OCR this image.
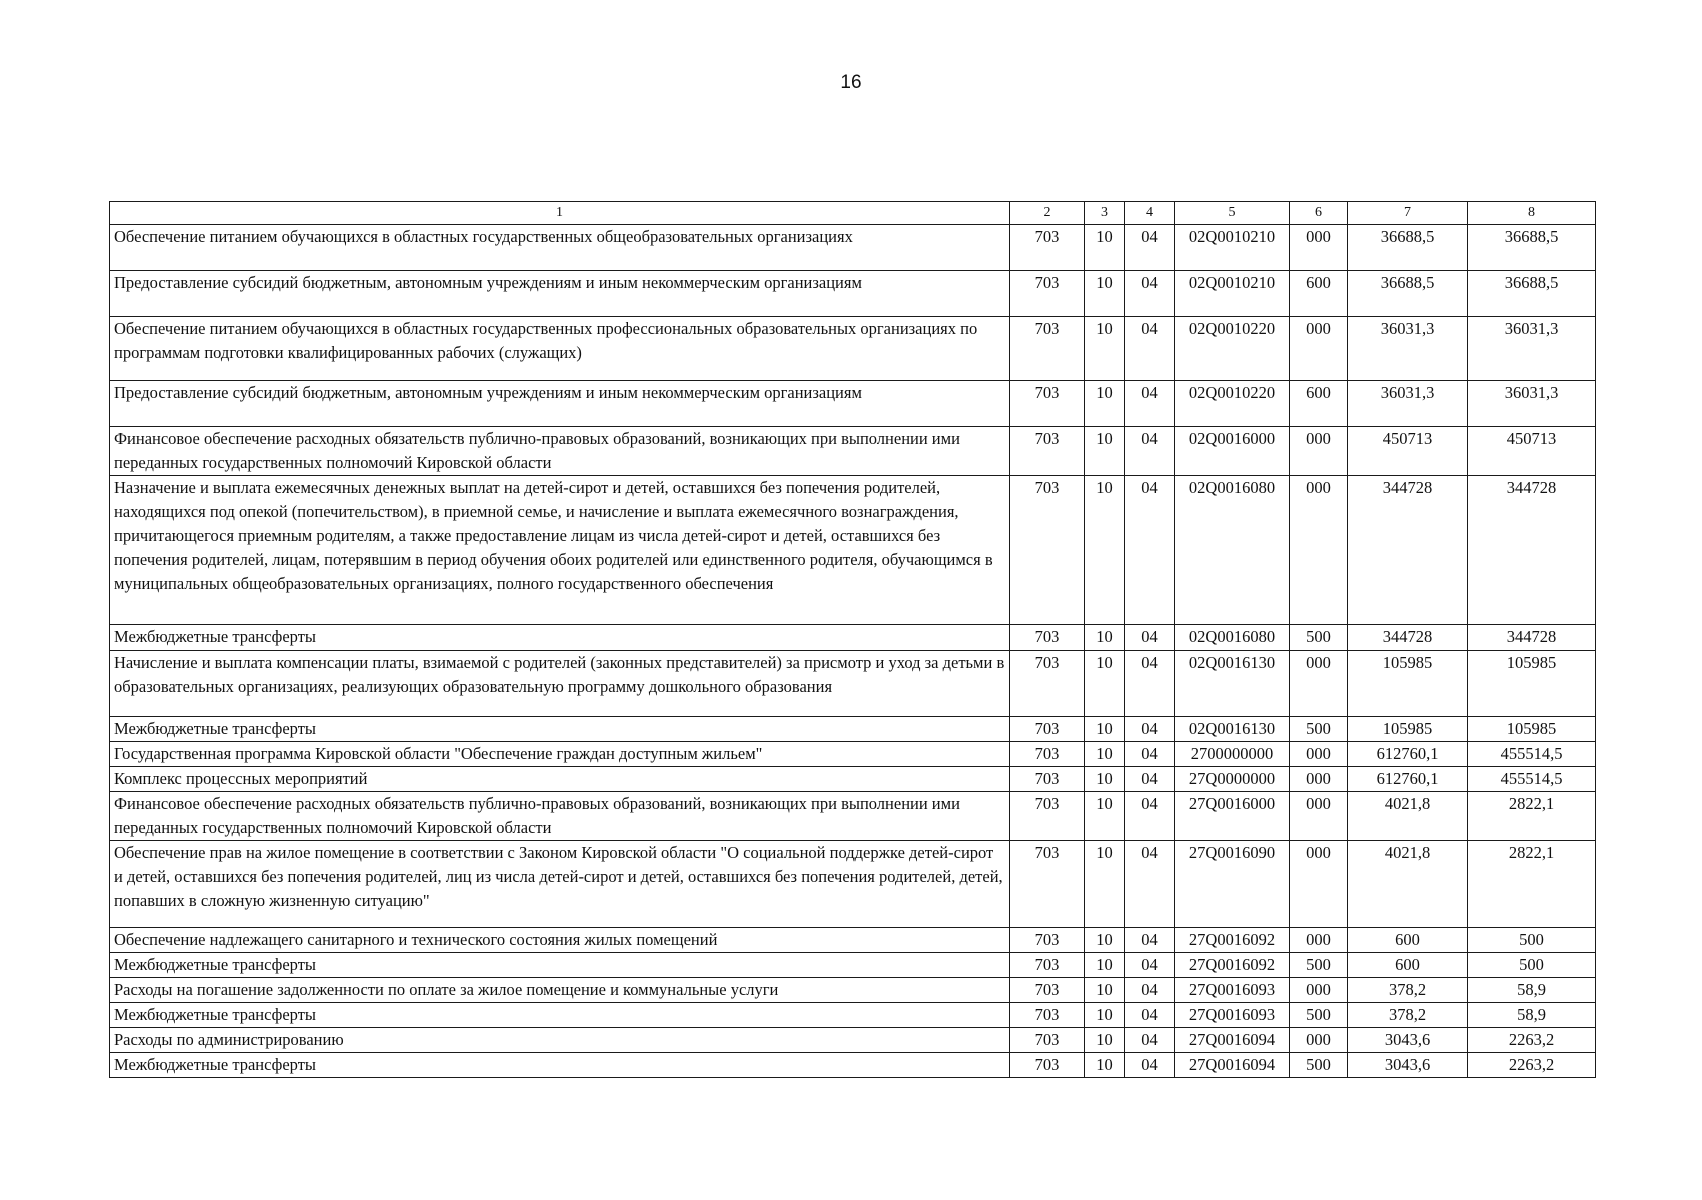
16
1	2	3	4	5	6	7	8
Обеспечение питанием обучающихся в областных государственных общеобразовательных организациях	703	10	04	02Q0010210	000	36688,5	36688,5
Предоставление субсидий бюджетным, автономным учреждениям и иным некоммерческим организациям	703	10	04	02Q0010210	600	36688,5	36688,5
Обеспечение питанием обучающихся в областных государственных профессиональных образовательных организациях по программам подготовки квалифицированных рабочих (служащих)	703	10	04	02Q0010220	000	36031,3	36031,3
Предоставление субсидий бюджетным, автономным учреждениям и иным некоммерческим организациям	703	10	04	02Q0010220	600	36031,3	36031,3
Финансовое обеспечение расходных обязательств публично-правовых образований, возникающих при выполнении ими переданных государственных полномочий Кировской области	703	10	04	02Q0016000	000	450713	450713
Назначение и выплата ежемесячных денежных выплат на детей-сирот и детей, оставшихся без попечения родителей, находящихся под опекой (попечительством), в приемной семье, и начисление и выплата ежемесячного вознаграждения, причитающегося приемным родителям, а также предоставление лицам из числа детей-сирот и детей, оставшихся без попечения родителей, лицам, потерявшим в период обучения обоих родителей или единственного родителя, обучающимся в муниципальных общеобразовательных организациях, полного государственного обеспечения	703	10	04	02Q0016080	000	344728	344728
Межбюджетные трансферты	703	10	04	02Q0016080	500	344728	344728
Начисление и выплата компенсации платы, взимаемой с родителей (законных представителей) за присмотр и уход за детьми в образовательных организациях, реализующих образовательную программу дошкольного образования	703	10	04	02Q0016130	000	105985	105985
Межбюджетные трансферты	703	10	04	02Q0016130	500	105985	105985
Государственная программа Кировской области "Обеспечение граждан доступным жильем"	703	10	04	2700000000	000	612760,1	455514,5
Комплекс процессных мероприятий	703	10	04	27Q0000000	000	612760,1	455514,5
Финансовое обеспечение расходных обязательств публично-правовых образований, возникающих при выполнении ими переданных государственных полномочий Кировской области	703	10	04	27Q0016000	000	4021,8	2822,1
Обеспечение прав на жилое помещение в соответствии с Законом Кировской области "О социальной поддержке детей-сирот и детей, оставшихся без попечения родителей, лиц из числа детей-сирот и детей, оставшихся без попечения родителей, детей, попавших в сложную жизненную ситуацию"	703	10	04	27Q0016090	000	4021,8	2822,1
Обеспечение надлежащего санитарного и технического состояния жилых помещений	703	10	04	27Q0016092	000	600	500
Межбюджетные трансферты	703	10	04	27Q0016092	500	600	500
Расходы на погашение задолженности по оплате за жилое помещение и коммунальные услуги	703	10	04	27Q0016093	000	378,2	58,9
Межбюджетные трансферты	703	10	04	27Q0016093	500	378,2	58,9
Расходы по администрированию	703	10	04	27Q0016094	000	3043,6	2263,2
Межбюджетные трансферты	703	10	04	27Q0016094	500	3043,6	2263,2
